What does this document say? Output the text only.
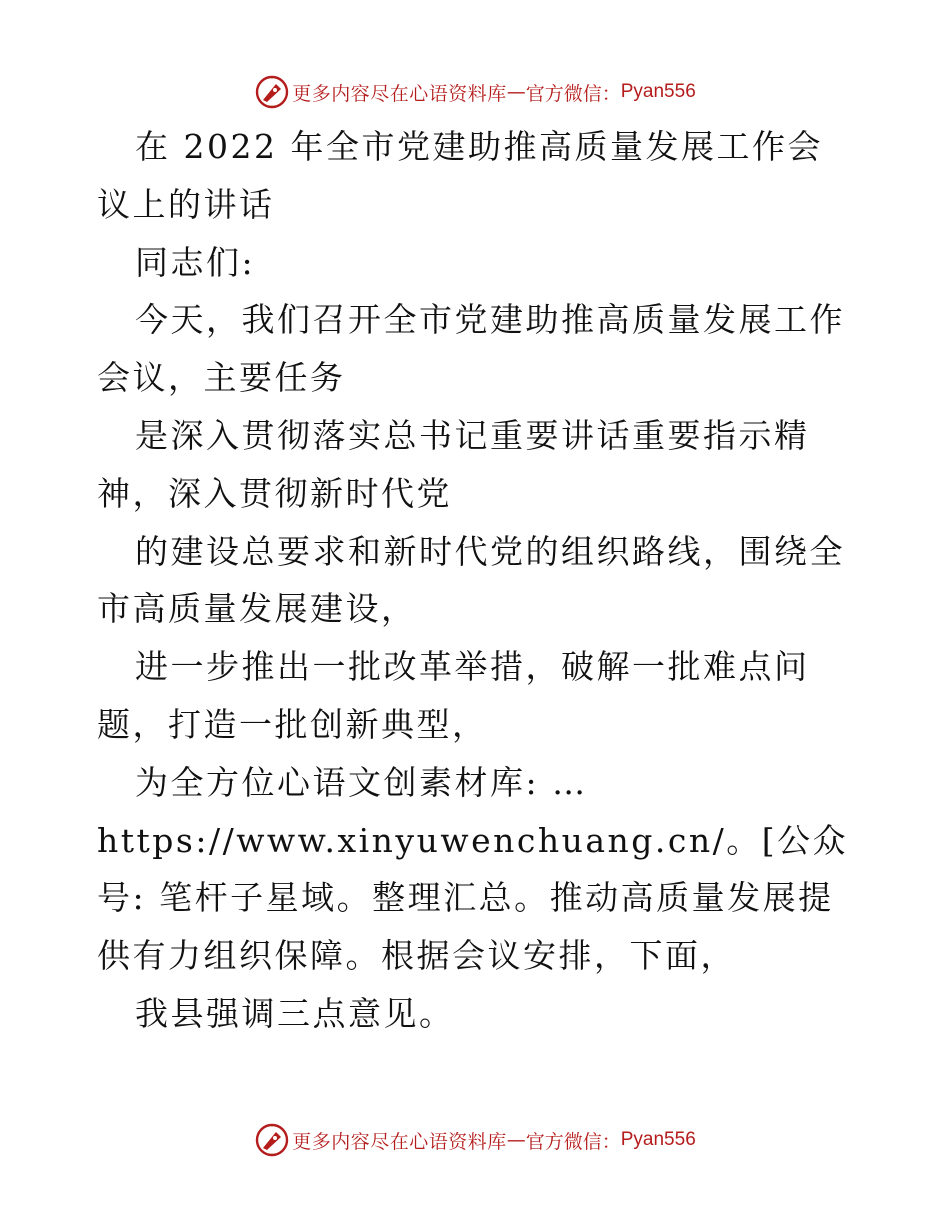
更多内容尽在心语资料库 — 官方微信： Pyan556

在 2022 年全市党建助推高质量发展工作会议上的讲话

同志们:

今天，我们召开全市党建助推高质量发展工作会议，主要任务

是深入贯彻落实总书记重要讲话重要指示精神，深入贯彻新时代党

的建设总要求和新时代党的组织路线，围绕全市高质量发展建设，

进一步推出一批改革举措，破解一批难点问题，打造一批创新典型，

为全方位心语文创素材库: …https://www.xinyuwenchuang.cn/。[公众号: 笔杆子星域。整理汇总。推动高质量发展提供有力组织保障。根据会议安排，下面，

我县强调三点意见。

更多内容尽在心语资料库 — 官方微信： Pyan556
